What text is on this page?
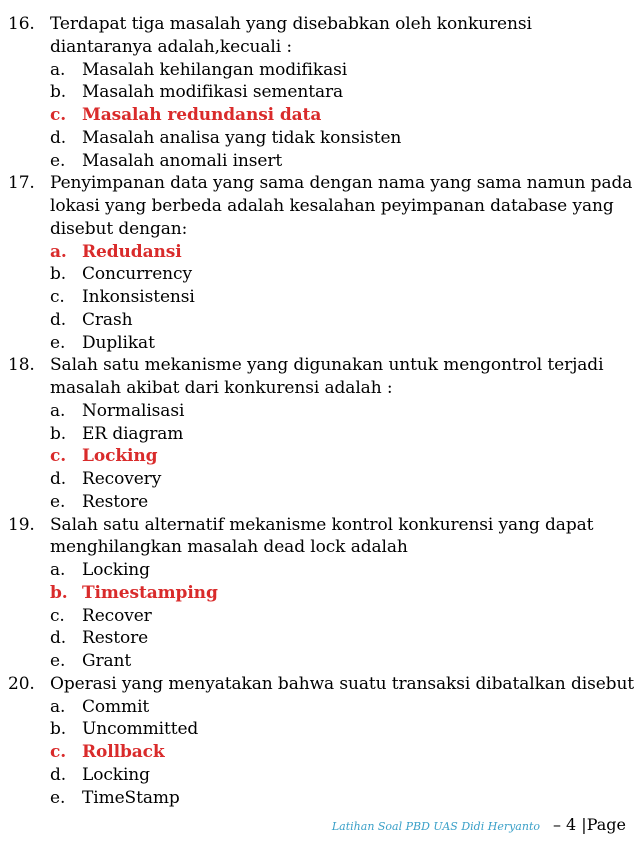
16. Terdapat tiga masalah yang disebabkan oleh konkurensi
diantaranya adalah,kecuali :
a. Masalah kehilangan modifikasi
b. Masalah modifikasi sementara
c. Masalah redundansi data
d. Masalah analisa yang tidak konsisten
e. Masalah anomali insert
17. Penyimpanan data yang sama dengan nama yang sama namun pada
lokasi yang berbeda adalah kesalahan peyimpanan database yang
disebut dengan:
a. Redudansi
b. Concurrency
c. Inkonsistensi
d. Crash
e. Duplikat
18. Salah satu mekanisme yang digunakan untuk mengontrol terjadi
masalah akibat dari konkurensi adalah :
a. Normalisasi
b. ER diagram
c. Locking
d. Recovery
e. Restore
19. Salah satu alternatif mekanisme kontrol konkurensi yang dapat
menghilangkan masalah dead lock adalah
a. Locking
b. Timestamping
c. Recover
d. Restore
e. Grant
20. Operasi yang menyatakan bahwa suatu transaksi dibatalkan disebut
a. Commit
b. Uncommitted
c. Rollback
d. Locking
e. TimeStamp
Latihan Soal PBD UAS Didi Heryanto – 4 |Page
